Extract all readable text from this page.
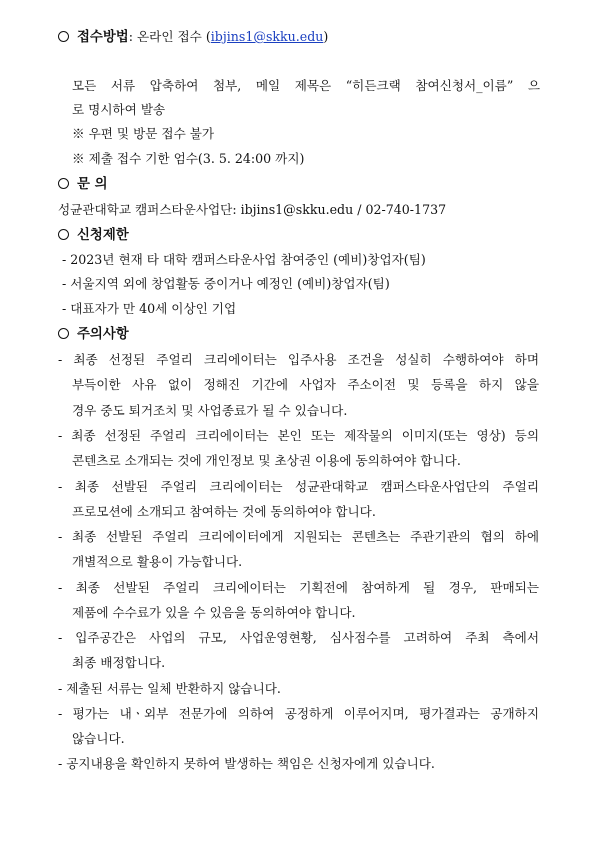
접수방법: 온라인 접수 (ibjins1@skku.edu)
모든 서류 압축하여 첨부, 메일 제목은 “히든크랙 참여신청서_이름” 으
로 명시하여 발송
※ 우편 및 방문 접수 불가
※ 제출 접수 기한 엄수(3. 5. 24:00 까지)
문 의
성균관대학교 캠퍼스타운사업단: ibjins1@skku.edu / 02-740-1737
신청제한
- 2023년 현재 타 대학 캠퍼스타운사업 참여중인 (예비)창업자(팀)
- 서울지역 외에 창업활동 중이거나 예정인 (예비)창업자(팀)
- 대표자가 만 40세 이상인 기업
주의사항
- 최종 선정된 주얼리 크리에이터는 입주사용 조건을 성실히 수행하여야 하며
부득이한 사유 없이 정해진 기간에 사업자 주소이전 및 등록을 하지 않을
경우 중도 퇴거조치 및 사업종료가 될 수 있습니다.
- 최종 선정된 주얼리 크리에이터는 본인 또는 제작물의 이미지(또는 영상) 등의
콘텐츠로 소개되는 것에 개인정보 및 초상권 이용에 동의하여야 합니다.
- 최종 선발된 주얼리 크리에이터는 성균관대학교 캠퍼스타운사업단의 주얼리
프로모션에 소개되고 참여하는 것에 동의하여야 합니다.
- 최종 선발된 주얼리 크리에이터에게 지원되는 콘텐츠는 주관기관의 협의 하에
개별적으로 활용이 가능합니다.
- 최종 선발된 주얼리 크리에이터는 기획전에 참여하게 될 경우, 판매되는
제품에 수수료가 있을 수 있음을 동의하여야 합니다.
- 입주공간은 사업의 규모, 사업운영현황, 심사점수를 고려하여 주최 측에서
최종 배정합니다.
- 제출된 서류는 일체 반환하지 않습니다.
- 평가는 내ㆍ외부 전문가에 의하여 공정하게 이루어지며, 평가결과는 공개하지
않습니다.
- 공지내용을 확인하지 못하여 발생하는 책임은 신청자에게 있습니다.
